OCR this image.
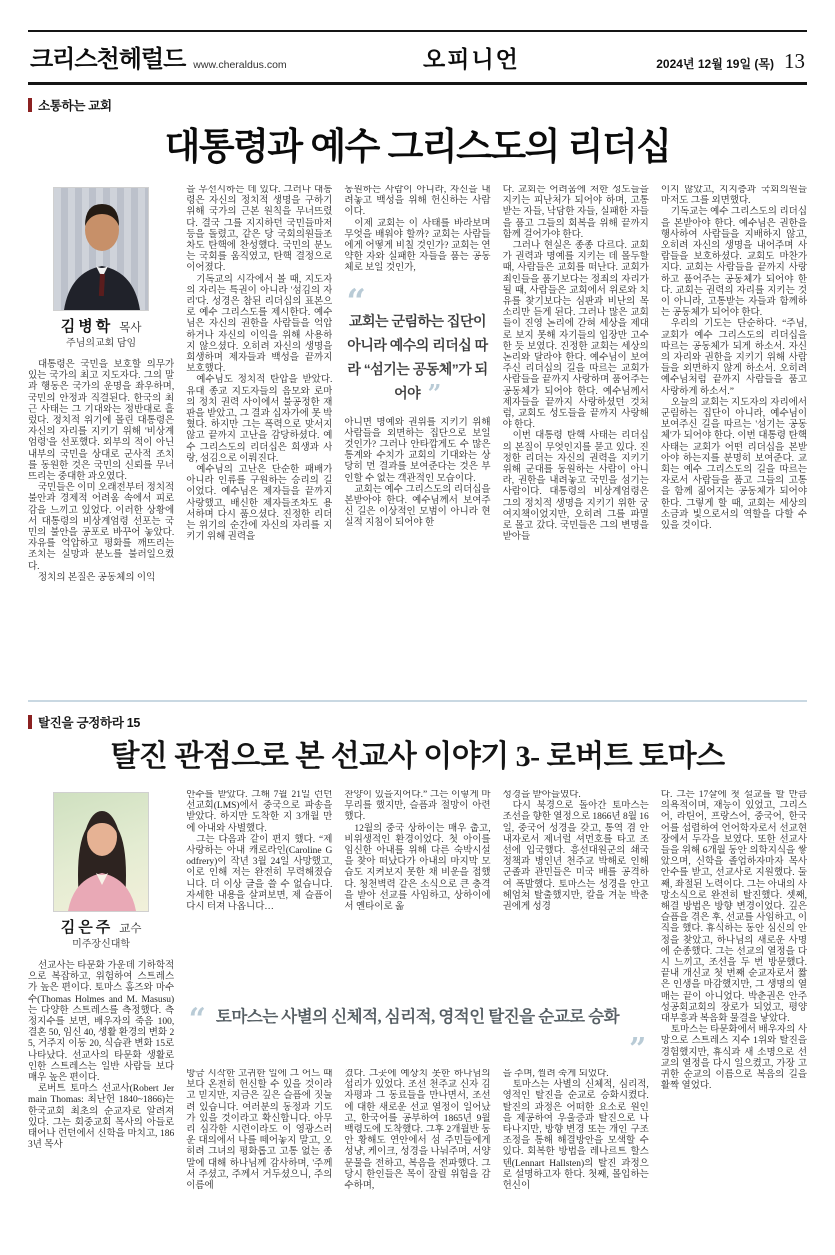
크리스천헤럴드 www.cheraldus.com	오피니언	2024년 12월 19일 (목) 13
소통하는 교회
대통령과 예수 그리스도의 리더십
김병학 목사
주님의교회 담임

대통령은 국민을 보호할 의무가 있는 국가의 최고 지도자다. 그의 말과 행동은 국가의 운명을 좌우하며, 국민의 안정과 직결된다. 한국의 최근 사태는 그 기대와는 정반대로 흘렀다. 정치적 위기에 몰린 대통령은 자신의 자리를 지키기 위해 '비상계엄령'을 선포했다. 외부의 적이 아닌 내부의 국민을 상대로 군사적 조치를 동원한 것은 국민의 신뢰를 무너뜨리는 중대한 과오였다.

국민들은 이미 오래전부터 정치적 불안과 경제적 어려움 속에서 피로감을 느끼고 있었다. 이러한 상황에서 대통령의 비상계엄령 선포는 국민의 불안을 공포로 바꾸어 놓았다. 자유를 억압하고 평화를 깨뜨리는 조치는 실망과 분노를 불러일으켰다.

정치의 본질은 공동체의 이익

을 우선시하는 데 있다. 그러나 대통령은 자신의 정치적 생명을 구하기 위해 국가의 근본 원칙을 무너뜨렸다. 결국 그를 지지하던 국민들마저 등을 돌렸고, 같은 당 국회의원들조차도 탄핵에 찬성했다. 국민의 분노는 국회를 움직였고, 탄핵 결정으로 이어졌다.

기독교의 시각에서 볼 때, 지도자의 자리는 특권이 아니라 '섬김의 자리'다. 성경은 참된 리더십의 표본으로 예수 그리스도를 제시한다. 예수님은 자신의 권한을 사람들을 억압하거나 자신의 이익을 위해 사용하지 않으셨다. 오히려 자신의 생명을 희생하며 제자들과 백성을 끝까지 보호했다.

예수님도 정치적 탄압을 받았다. 유대 종교 지도자들의 음모와 로마의 정치 권력 사이에서 불공정한 재판을 받았고, 그 결과 십자가에 못 박혔다. 하지만 그는 폭력으로 맞서지 않고 끝까지 고난을 감당하셨다. 예수 그리스도의 리더십은 희생과 사랑, 섬김으로 이뤄진다.

예수님의 고난은 단순한 패배가 아니라 인류를 구원하는 승리의 길이었다. 예수님은 제자들을 끝까지 사랑했고, 배신한 제자들조차도 용서하며 다시 품으셨다. 진정한 리더는 위기의 순간에 자신의 자리를 지키기 위해 권력을

동원하는 사람이 아니라, 자신을 내려놓고 백성을 위해 헌신하는 사람이다.

이제 교회는 이 사태를 바라보며 무엇을 배워야 할까? 교회는 사람들에게 어떻게 비칠 것인가? 교회는 연약한 자와 실패한 자들을 품는 공동체로 보일 것인가,

“
교회는 군림하는 집단이 아니라 예수의 리더십 따라 “섬기는 공동체”가 되어야 ”

아니면 명예와 권위를 지키기 위해 사람들을 외면하는 집단으로 보일 것인가? 그러나 안타깝게도 수 많은 통계와 수치가 교회의 기대와는 상당히 먼 결과를 보여준다는 것은 부인할 수 없는 객관적인 모습이다.

교회는 예수 그리스도의 리더십을 본받아야 한다. 예수님께서 보여주신 길은 이상적인 모범이 아니라 현실적 지침이 되어야 한

다. 교회는 어려움에 처한 성도들을 지키는 피난처가 되어야 하며, 고통받는 자들, 낙담한 자들, 실패한 자들을 품고 그들의 회복을 위해 끝까지 함께 걸어가야 한다.

그러나 현실은 종종 다르다. 교회가 권력과 명예를 지키는 데 몰두할 때, 사람들은 교회를 떠난다. 교회가 죄인들을 품기보다는 정죄의 자리가 될 때, 사람들은 교회에서 위로와 치유를 찾기보다는 심판과 비난의 목소리만 듣게 된다. 그러나 많은 교회들이 진영 논리에 갇혀 세상을 제대로 보지 못해 자기들의 입장만 고수한 듯 보였다. 진정한 교회는 세상의 논리와 달라야 한다. 예수님이 보여주신 리더십의 길을 따르는 교회가 사람들을 끝까지 사랑하며 품어주는 공동체가 되어야 한다. 예수님께서 제자들을 끝까지 사랑하셨던 것처럼, 교회도 성도들을 끝까지 사랑해야 한다.

이번 대통령 탄핵 사태는 리더십의 본질이 무엇인지를 묻고 있다. 진정한 리더는 자신의 권력을 지키기 위해 군대를 동원하는 사람이 아니라, 권한을 내려놓고 국민을 섬기는 사람이다. 대통령의 비상계엄령은 그의 정치적 생명을 지키기 위한 궁여지책이었지만, 오히려 그를 파멸로 몰고 갔다. 국민들은 그의 변명을 받아들

이지 않았고, 지지층과 국회의원들마저도 그를 외면했다.

기독교는 예수 그리스도의 리더십을 본받아야 한다. 예수님은 권한을 행사하여 사람들을 지배하지 않고, 오히려 자신의 생명을 내어주며 사람들을 보호하셨다. 교회도 마찬가지다. 교회는 사람들을 끝까지 사랑하고 품어주는 공동체가 되어야 한다. 교회는 권력의 자리를 지키는 것이 아니라, 고통받는 자들과 함께하는 공동체가 되어야 한다.

우리의 기도는 단순하다. “주님, 교회가 예수 그리스도의 리더십을 따르는 공동체가 되게 하소서. 자신의 자리와 권한을 지키기 위해 사람들을 외면하지 않게 하소서. 오히려 예수님처럼 끝까지 사람들을 품고 사랑하게 하소서.”

오늘의 교회는 지도자의 자리에서 군림하는 집단이 아니라, 예수님이 보여주신 길을 따르는 '섬기는 공동체'가 되어야 한다. 이번 대통령 탄핵 사태는 교회가 어떤 리더십을 본받아야 하는지를 분명히 보여준다. 교회는 예수 그리스도의 길을 따르는 자로서 사람들을 품고 그들의 고통을 함께 짊어지는 공동체가 되어야 한다. 그렇게 할 때, 교회는 세상의 소금과 빛으로서의 역할을 다할 수 있을 것이다.

탈진을 긍정하라 15
탈진 관점으로 본 선교사 이야기 3- 로버트 토마스
김은주 교수
미주장신대학

선교사는 타문화 가운데 기하학적으로 복잡하고, 위험하여 스트레스가 높은 편이다. 토마스 홈즈와 마수수(Thomas Holmes and M. Masusu)는 다양한 스트레스를 측정했다. 측정지수를 보면, 배우자의 죽음 100, 결혼 50, 임신 40, 생활 환경의 변화 25, 거주지 이동 20, 식습관 변화 15로 나타났다. 선교사의 타문화 생활로 인한 스트레스는 일반 사람들 보다 매우 높은 편이다.

로버트 토마스 선교사(Robert Jermain Thomas: 최난헌 1840~1866)는 한국교회 최초의 순교자로 알려져 있다. 그는 회중교회 목사의 아들로 태어나 런던에서 신학을 마치고, 1863년 목사

안수를 받았다. 그해 7월 21일 런던선교회(LMS)에서 중국으로 파송을 받았다. 하지만 도착한 지 3개월 만에 아내와 사별했다.

그는 다음과 같이 편지 했다. “제 사랑하는 아내 캐로라인(Caroline Godfrery)이 작년 3월 24일 사망했고, 이로 인해 저는 완전히 무력해졌습니다. 더 이상 글을 쓸 수 없습니다. 자세한 내용을 살펴보면, 제 슬픔이 다시 터져 나옵니다…

찬양이 있을지어다.” 그는 이렇게 마무리를 했지만, 슬픔과 절망이 아련했다.

12월의 중국 상하이는 매우 춥고, 비위생적인 환경이었다. 첫 아이를 임신한 아내를 위해 다른 숙박시설을 찾아 떠났다가 아내의 마지막 모습도 지켜보지 못한 채 비운을 접했다. 청천벽력 같은 소식으로 큰 충격을 받아 선교를 사임하고, 상하이에서 옌타이로 옮

성경을 받아들였다.

다시 북경으로 돌아간 토마스는 조선을 향한 열정으로 1866년 8월 16일, 중국어 성경을 갖고, 통역 겸 안내자로서 제너럴 셔먼호를 타고 조선에 입국했다. 흥선대원군의 쇄국정책과 병인년 천주교 박해로 인해 군졸과 관민들은 미국 배를 공격하여 폭발했다. 토마스는 성경을 안고 헤엄쳐 탈출했지만, 칼을 겨눈 박춘권에게 성경

“ 토마스는 사별의 신체적, 심리적, 영적인 탈진을 순교로 승화
”

방금 시작한 고귀한 일에 그 어느 때보다 온전히 헌신할 수 있을 것이라고 믿지만, 지금은 깊은 슬픔에 짓눌려 있습니다. 여러분의 동정과 기도가 있을 것이라고 확신합니다. 아무리 심각한 시련이라도 이 영광스러운 대의에서 나를 떼어놓지 말고, 오히려 그녀의 평화롭고 고통 없는 종말에 대해 하나님께 감사하며, '주께서 주셨고, 주께서 거두셨으니, 주의 이름에

겼다. 그곳에 예상치 못한 하나님의 섭리가 있었다. 조선 천주교 신자 김자평과 그 동료들을 만나면서, 조선에 대한 새로운 선교 열정이 일어났고, 한국어를 공부하여 1865년 9월 백령도에 도착했다. 그후 2개월반 동안 황해도 연안에서 섬 주민들에게 성냥, 케이크, 성경을 나눠주며, 서양문물을 전하고, 복음을 전파했다. 그 당시 한인들은 목이 잘릴 위험을 감수하며,

을 주며, 찔려 죽게 되었다.

토마스는 사별의 신체적, 심리적, 영적인 탈진을 순교로 승화시켰다. 탈진의 과정은 어떠한 요소로 원인을 제공하여 우울증과 탈진으로 나타나지만, 방향 변경 또는 개인 구조조정을 통해 해결방안을 모색할 수 있다. 회복한 방법을 레나르트 할스텐(Lennart Hallsten)의 탈진 과정으로 설명하고자 한다. 첫째, 몰입하는 헌신이

다. 그는 17살에 첫 설교를 할 만큼 의욕적이며, 재능이 있었고, 그리스어, 라틴어, 프랑스어, 중국어, 한국어를 섭렵하여 언어학자로서 선교현장에서 두각을 보였다. 또한 선교사들을 위해 6개월 동안 의학지식을 쌓았으며, 신학을 졸업하자마자 목사 안수를 받고, 선교사로 지원했다. 둘째, 좌절된 노력이다. 그는 아내의 사망소식으로 완전히 탈진했다. 셋째, 해결 방법은 방향 변경이었다. 깊은 슬픔을 겪은 후, 선교를 사임하고, 이직을 했다. 휴식하는 동안 심신의 안정을 찾았고, 하나님의 새로운 사명에 순종했다. 그는 선교의 열정을 다시 느끼고, 조선을 두 번 방문했다. 끝내 개신교 첫 번째 순교자로서 짧은 인생을 마감했지만, 그 생명의 열매는 끝이 아니었다. 박춘권은 안주 성공회교회의 장로가 되었고, 평양 대부흥과 복음화 물결을 낳았다.

토마스는 타문화에서 배우자의 사망으로 스트레스 지수 1위와 탈진을 경험했지만, 휴식과 새 소명으로 선교의 열정을 다시 일으켰고, 가장 고귀한 순교의 이름으로 복음의 길을 활짝 열었다.
